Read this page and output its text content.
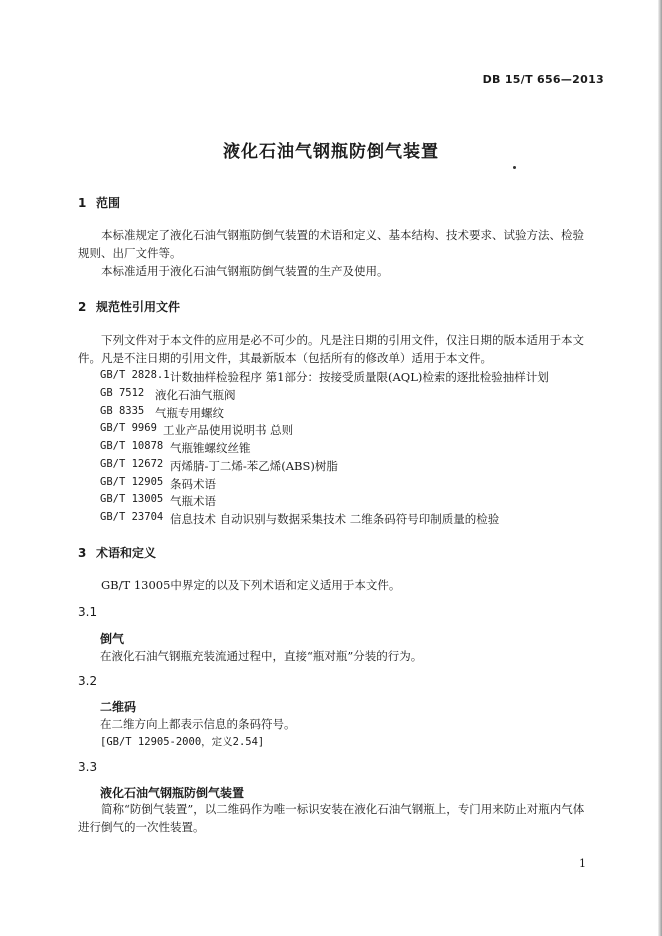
DB 15/T 656—2013
液化石油气钢瓶防倒气装置
1 范围

本标准规定了液化石油气钢瓶防倒气装置的术语和定义、基本结构、技术要求、试验方法、检验规则、出厂文件等。

本标准适用于液化石油气钢瓶防倒气装置的生产及使用。

2 规范性引用文件

下列文件对于本文件的应用是必不可少的。凡是注日期的引用文件，仅注日期的版本适用于本文件。凡是不注日期的引用文件，其最新版本（包括所有的修改单）适用于本文件。

GB/T 2828.1 计数抽样检验程序 第1部分：按接受质量限(AQL)检索的逐批检验抽样计划
GB 7512 液化石油气瓶阀
GB 8335 气瓶专用螺纹
GB/T 9969 工业产品使用说明书 总则
GB/T 10878 气瓶锥螺纹丝锥
GB/T 12672 丙烯腈-丁二烯-苯乙烯(ABS)树脂
GB/T 12905 条码术语
GB/T 13005 气瓶术语
GB/T 23704 信息技术 自动识别与数据采集技术 二维条码符号印制质量的检验
3 术语和定义

GB/T 13005中界定的以及下列术语和定义适用于本文件。

3.1
倒气
在液化石油气钢瓶充装流通过程中，直接“瓶对瓶”分装的行为。
3.2
二维码
在二维方向上都表示信息的条码符号。
[GB/T 12905-2000，定义2.54]
3.3
液化石油气钢瓶防倒气装置

简称“防倒气装置”，以二维码作为唯一标识安装在液化石油气钢瓶上，专门用来防止对瓶内气体进行倒气的一次性装置。

1
